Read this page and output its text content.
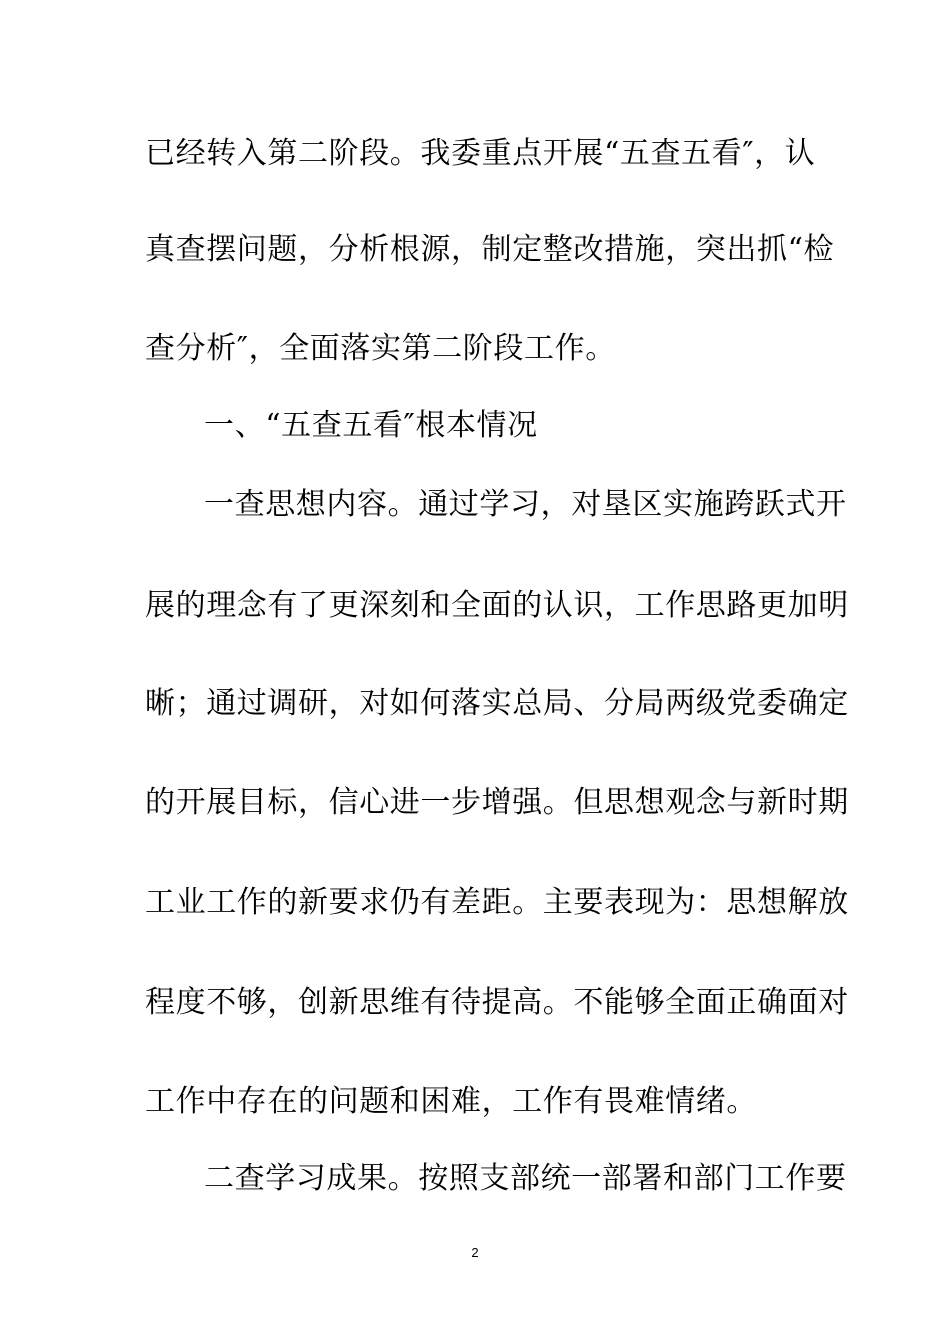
已经转入第二阶段。我委重点开展“五查五看″，认
真查摆问题，分析根源，制定整改措施，突出抓“检
查分析″，全面落实第二阶段工作。
一、“五查五看″根本情况
一查思想内容。通过学习，对垦区实施跨跃式开
展的理念有了更深刻和全面的认识，工作思路更加明
晰；通过调研，对如何落实总局、分局两级党委确定
的开展目标，信心进一步增强。但思想观念与新时期
工业工作的新要求仍有差距。主要表现为：思想解放
程度不够，创新思维有待提高。不能够全面正确面对
工作中存在的问题和困难，工作有畏难情绪。
二查学习成果。按照支部统一部署和部门工作要
2
